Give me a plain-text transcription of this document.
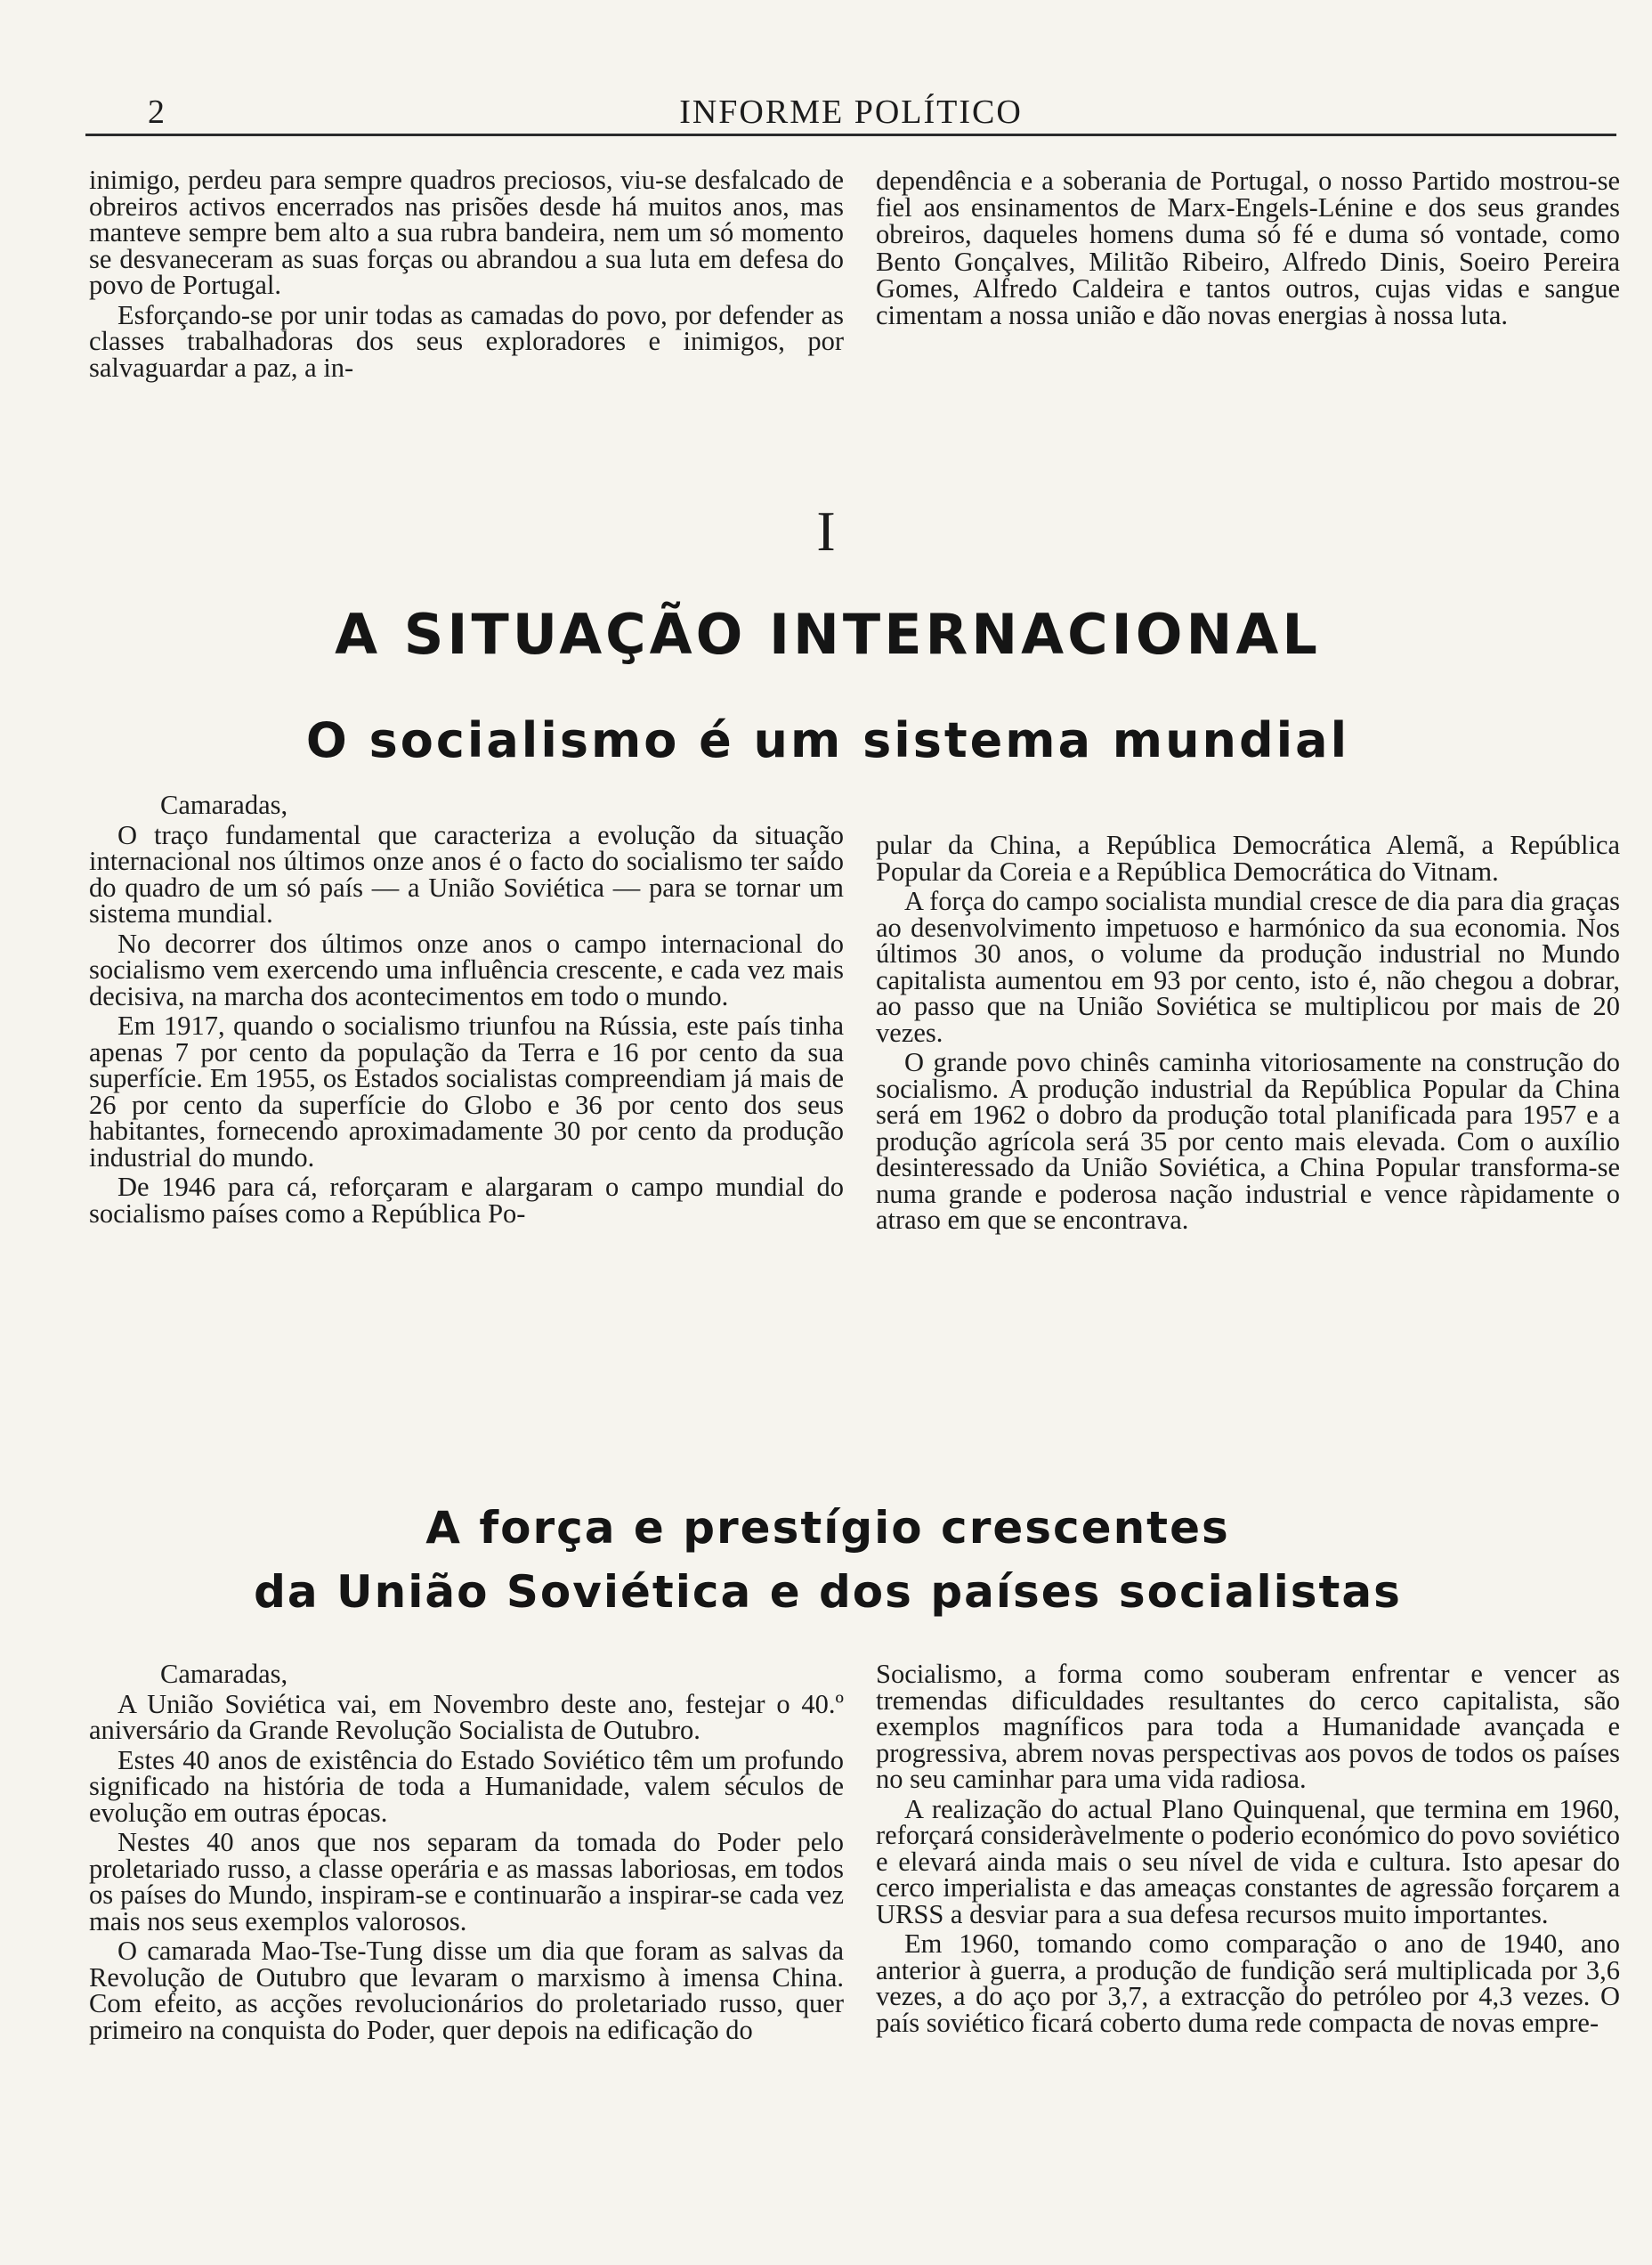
2	INFORME POLÍTICO

inimigo, perdeu para sempre quadros preciosos, viu-se desfalcado de obreiros activos encerrados nas prisões desde há muitos anos, mas manteve sempre bem alto a sua rubra bandeira, nem um só momento se desvaneceram as suas forças ou abrandou a sua luta em defesa do povo de Portugal.

Esforçando-se por unir todas as camadas do povo, por defender as classes trabalhadoras dos seus exploradores e inimigos, por salvaguardar a paz, a in-

dependência e a soberania de Portugal, o nosso Partido mostrou-se fiel aos ensinamentos de Marx-Engels-Lénine e dos seus grandes obreiros, daqueles homens duma só fé e duma só vontade, como Bento Gonçalves, Militão Ribeiro, Alfredo Dinis, Soeiro Pereira Gomes, Alfredo Caldeira e tantos outros, cujas vidas e sangue cimentam a nossa união e dão novas energias à nossa luta.

I
A SITUAÇÃO INTERNACIONAL
O socialismo é um sistema mundial

Camaradas,

O traço fundamental que caracteriza a evolução da situação internacional nos últimos onze anos é o facto do socialismo ter saído do quadro de um só país — a União Soviética — para se tornar um sistema mundial.

No decorrer dos últimos onze anos o campo internacional do socialismo vem exercendo uma influência crescente, e cada vez mais decisiva, na marcha dos acontecimentos em todo o mundo.

Em 1917, quando o socialismo triunfou na Rússia, este país tinha apenas 7 por cento da população da Terra e 16 por cento da sua superfície. Em 1955, os Estados socialistas compreendiam já mais de 26 por cento da superfície do Globo e 36 por cento dos seus habitantes, fornecendo aproximadamente 30 por cento da produção industrial do mundo.

De 1946 para cá, reforçaram e alargaram o campo mundial do socialismo países como a República Po-

pular da China, a República Democrática Alemã, a República Popular da Coreia e a República Democrática do Vitnam.

A força do campo socialista mundial cresce de dia para dia graças ao desenvolvimento impetuoso e harmónico da sua economia. Nos últimos 30 anos, o volume da produção industrial no Mundo capitalista aumentou em 93 por cento, isto é, não chegou a dobrar, ao passo que na União Soviética se multiplicou por mais de 20 vezes.

O grande povo chinês caminha vitoriosamente na construção do socialismo. A produção industrial da República Popular da China será em 1962 o dobro da produção total planificada para 1957 e a produção agrícola será 35 por cento mais elevada. Com o auxílio desinteressado da União Soviética, a China Popular transforma-se numa grande e poderosa nação industrial e vence ràpidamente o atraso em que se encontrava.

A força e prestígio crescentes
da União Soviética e dos países socialistas

Camaradas,

A União Soviética vai, em Novembro deste ano, festejar o 40.º aniversário da Grande Revolução Socialista de Outubro.

Estes 40 anos de existência do Estado Soviético têm um profundo significado na história de toda a Humanidade, valem séculos de evolução em outras épocas.

Nestes 40 anos que nos separam da tomada do Poder pelo proletariado russo, a classe operária e as massas laboriosas, em todos os países do Mundo, inspiram-se e continuarão a inspirar-se cada vez mais nos seus exemplos valorosos.

O camarada Mao-Tse-Tung disse um dia que foram as salvas da Revolução de Outubro que levaram o marxismo à imensa China. Com efeito, as acções revolucionários do proletariado russo, quer primeiro na conquista do Poder, quer depois na edificação do

Socialismo, a forma como souberam enfrentar e vencer as tremendas dificuldades resultantes do cerco capitalista, são exemplos magníficos para toda a Humanidade avançada e progressiva, abrem novas perspectivas aos povos de todos os países no seu caminhar para uma vida radiosa.

A realização do actual Plano Quinquenal, que termina em 1960, reforçará consideràvelmente o poderio económico do povo soviético e elevará ainda mais o seu nível de vida e cultura. Isto apesar do cerco imperialista e das ameaças constantes de agressão forçarem a URSS a desviar para a sua defesa recursos muito importantes.

Em 1960, tomando como comparação o ano de 1940, ano anterior à guerra, a produção de fundição será multiplicada por 3,6 vezes, a do aço por 3,7, a extracção do petróleo por 4,3 vezes. O país soviético ficará coberto duma rede compacta de novas empre-
